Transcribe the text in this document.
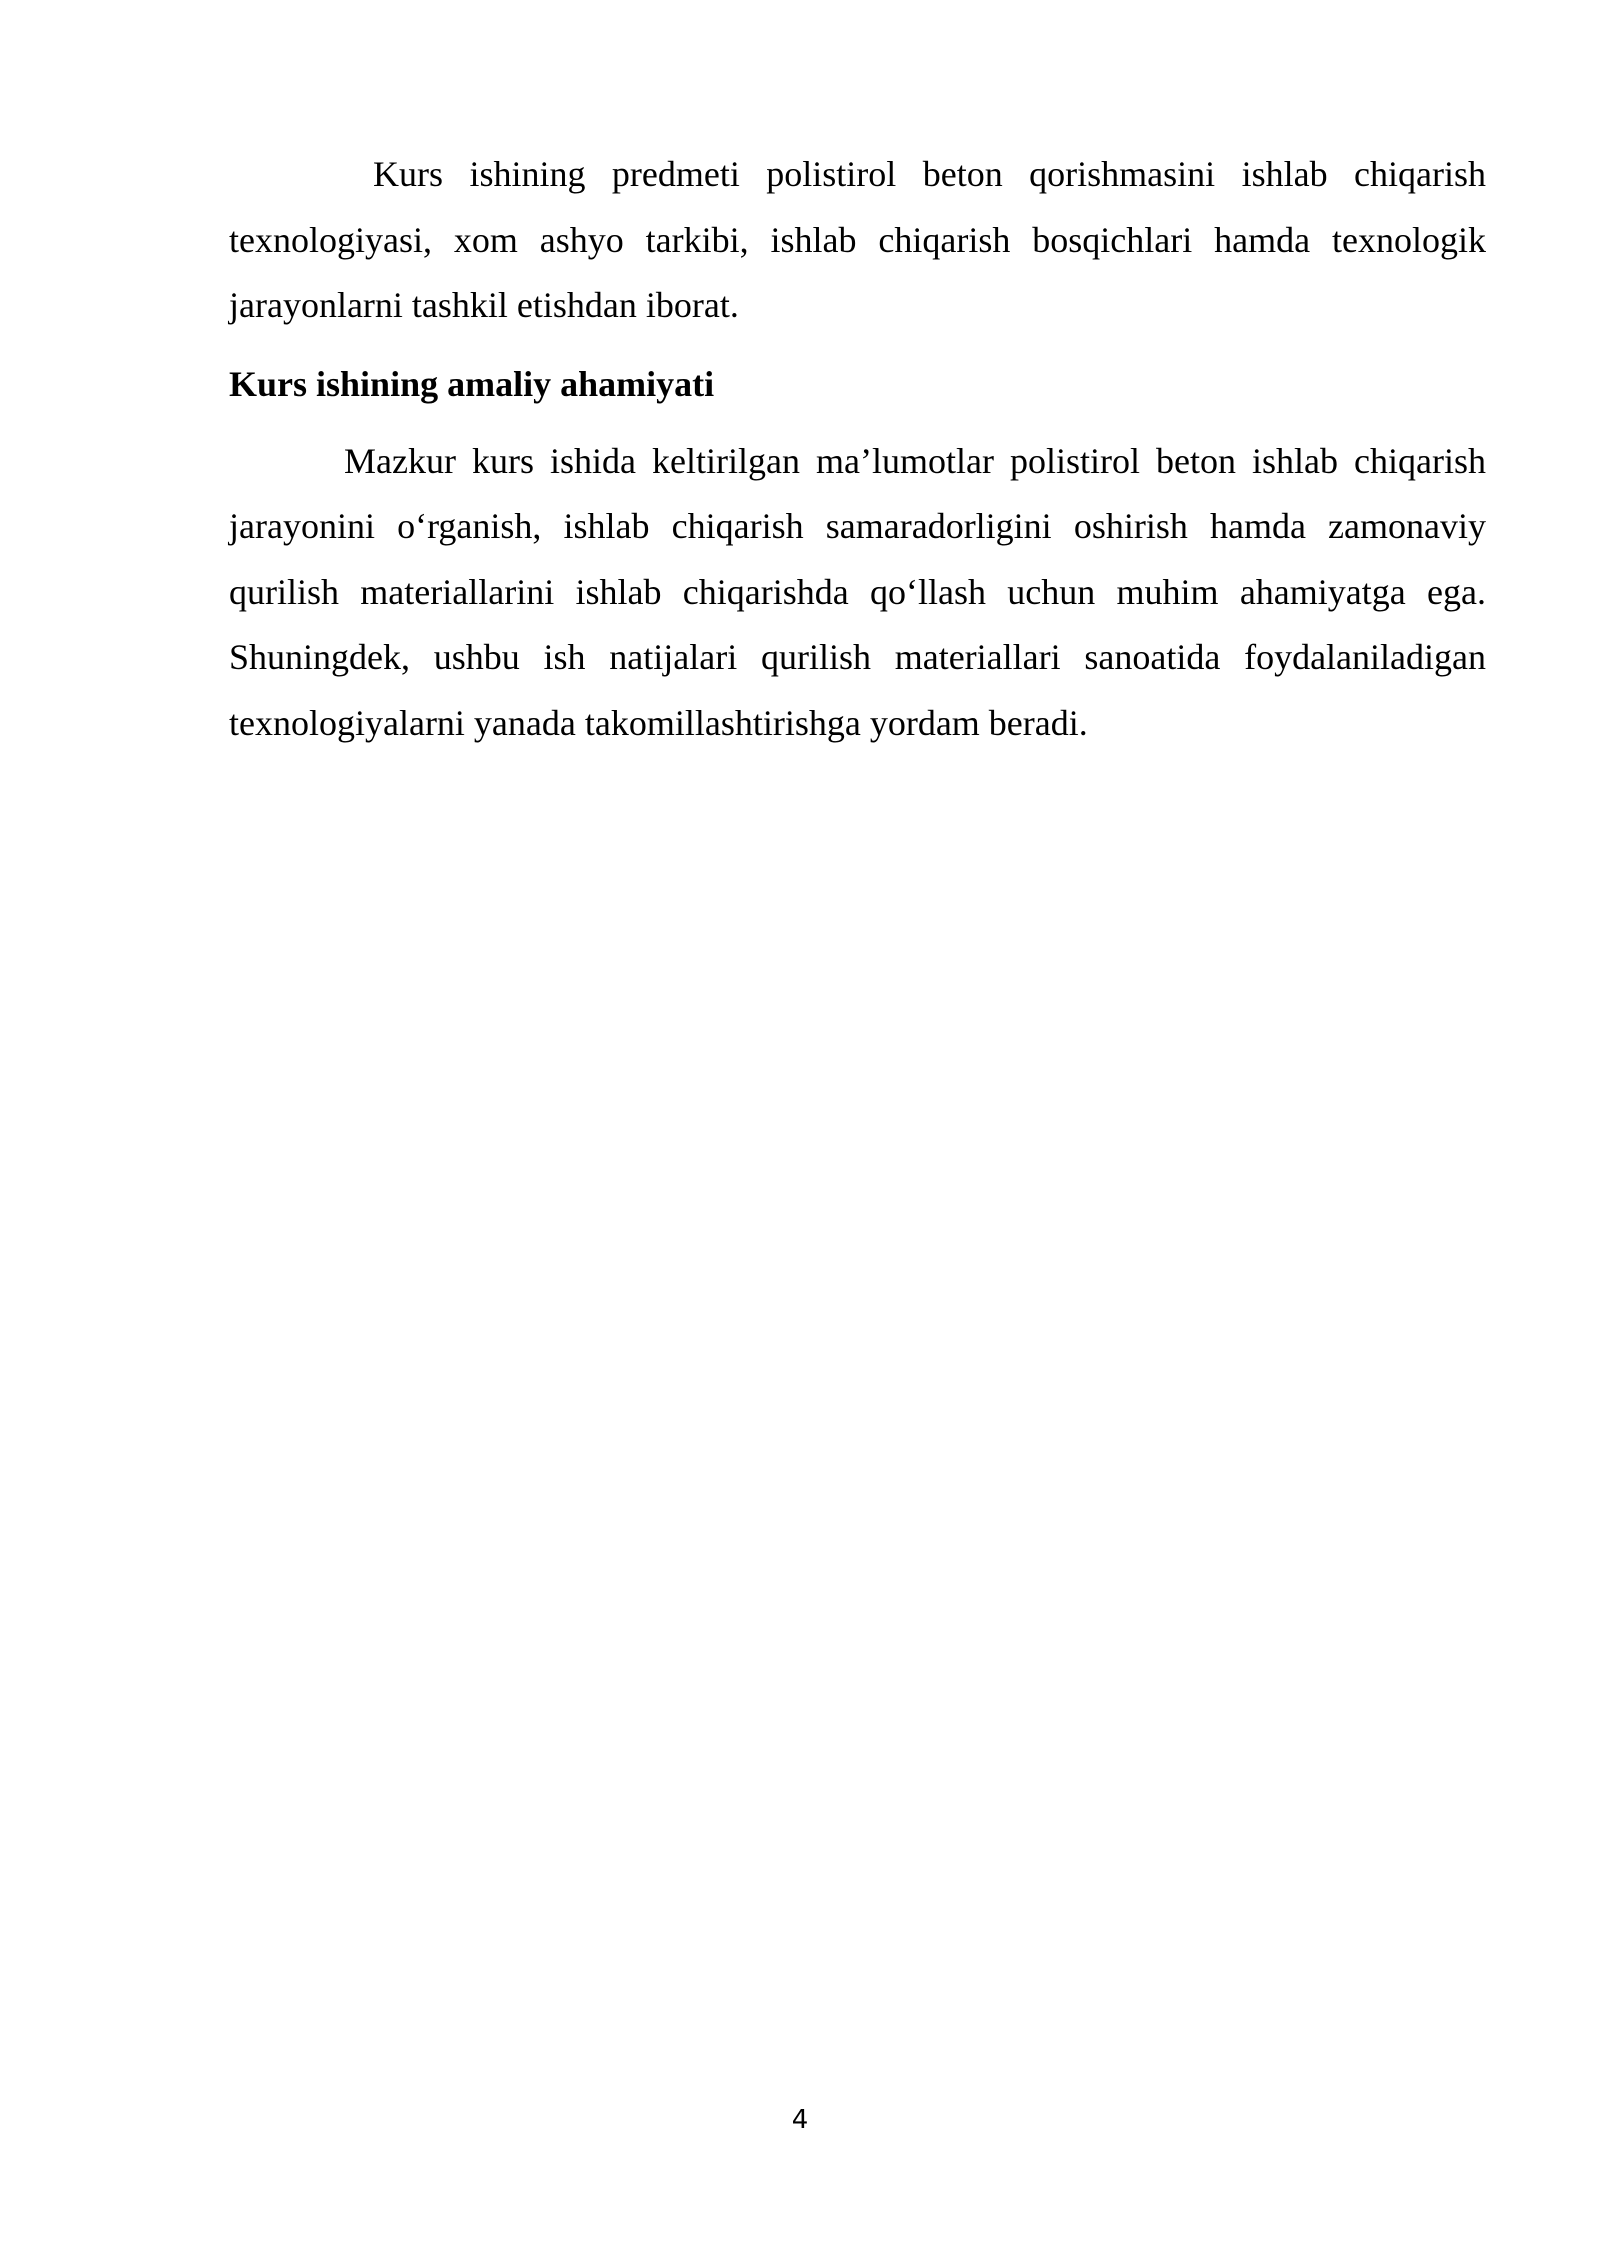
Kurs ishining predmeti polistirol beton qorishmasini ishlab chiqarish texnologiyasi, xom ashyo tarkibi, ishlab chiqarish bosqichlari hamda texnologik jarayonlarni tashkil etishdan iborat.

Kurs ishining amaliy ahamiyati

Mazkur kurs ishida keltirilgan ma’lumotlar polistirol beton ishlab chiqarish jarayonini o‘rganish, ishlab chiqarish samaradorligini oshirish hamda zamonaviy qurilish materiallarini ishlab chiqarishda qo‘llash uchun muhim ahamiyatga ega. Shuningdek, ushbu ish natijalari qurilish materiallari sanoatida foydalaniladigan texnologiyalarni yanada takomillashtirishga yordam beradi.

4
